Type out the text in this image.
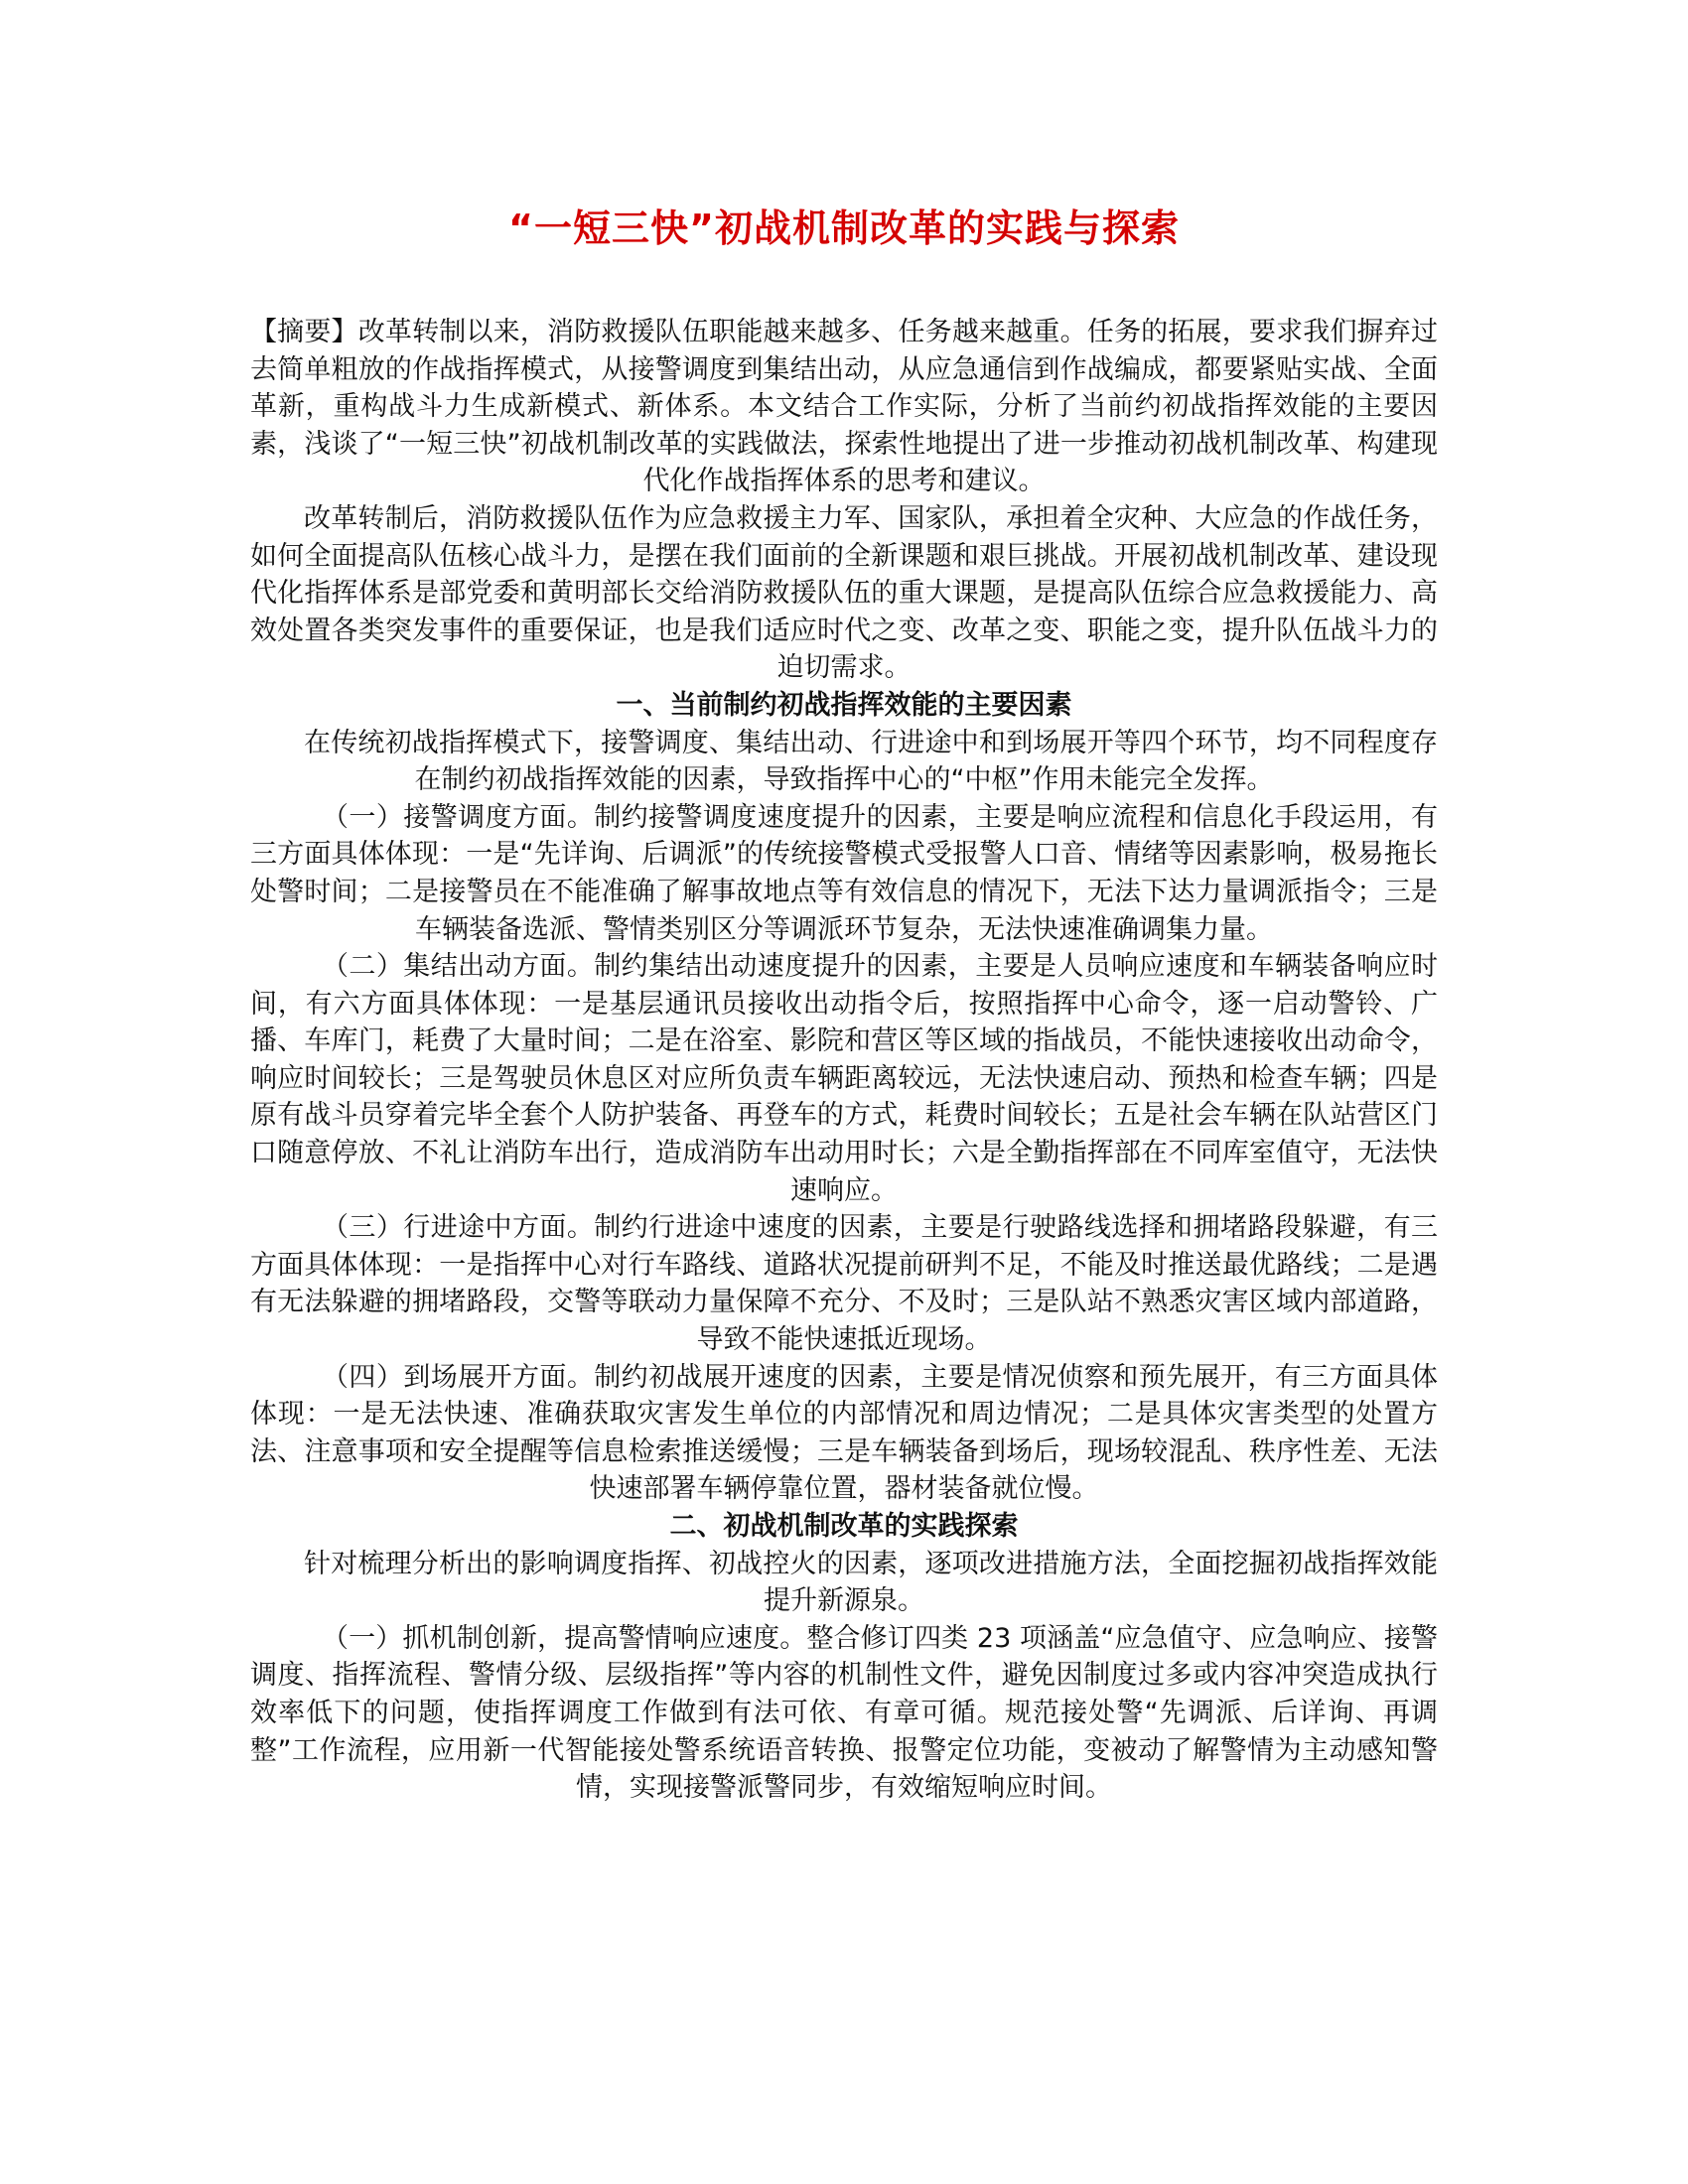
“一短三快”初战机制改革的实践与探索

【摘要】改革转制以来，消防救援队伍职能越来越多、任务越来越重。任务的拓展，要求我们摒弃过去简单粗放的作战指挥模式，从接警调度到集结出动，从应急通信到作战编成，都要紧贴实战、全面革新，重构战斗力生成新模式、新体系。本文结合工作实际，分析了当前约初战指挥效能的主要因素，浅谈了“一短三快”初战机制改革的实践做法，探索性地提出了进一步推动初战机制改革、构建现代化作战指挥体系的思考和建议。

改革转制后，消防救援队伍作为应急救援主力军、国家队，承担着全灾种、大应急的作战任务，如何全面提高队伍核心战斗力，是摆在我们面前的全新课题和艰巨挑战。开展初战机制改革、建设现代化指挥体系是部党委和黄明部长交给消防救援队伍的重大课题，是提高队伍综合应急救援能力、高效处置各类突发事件的重要保证，也是我们适应时代之变、改革之变、职能之变，提升队伍战斗力的迫切需求。

一、当前制约初战指挥效能的主要因素

在传统初战指挥模式下，接警调度、集结出动、行进途中和到场展开等四个环节，均不同程度存在制约初战指挥效能的因素，导致指挥中心的“中枢”作用未能完全发挥。

（一）接警调度方面。制约接警调度速度提升的因素，主要是响应流程和信息化手段运用，有三方面具体体现：一是“先详询、后调派”的传统接警模式受报警人口音、情绪等因素影响，极易拖长处警时间；二是接警员在不能准确了解事故地点等有效信息的情况下，无法下达力量调派指令；三是车辆装备选派、警情类别区分等调派环节复杂，无法快速准确调集力量。

（二）集结出动方面。制约集结出动速度提升的因素，主要是人员响应速度和车辆装备响应时间，有六方面具体体现：一是基层通讯员接收出动指令后，按照指挥中心命令，逐一启动警铃、广播、车库门，耗费了大量时间；二是在浴室、影院和营区等区域的指战员，不能快速接收出动命令，响应时间较长；三是驾驶员休息区对应所负责车辆距离较远，无法快速启动、预热和检查车辆；四是原有战斗员穿着完毕全套个人防护装备、再登车的方式，耗费时间较长；五是社会车辆在队站营区门口随意停放、不礼让消防车出行，造成消防车出动用时长；六是全勤指挥部在不同库室值守，无法快速响应。

（三）行进途中方面。制约行进途中速度的因素，主要是行驶路线选择和拥堵路段躲避，有三方面具体体现：一是指挥中心对行车路线、道路状况提前研判不足，不能及时推送最优路线；二是遇有无法躲避的拥堵路段，交警等联动力量保障不充分、不及时；三是队站不熟悉灾害区域内部道路，导致不能快速抵近现场。

（四）到场展开方面。制约初战展开速度的因素，主要是情况侦察和预先展开，有三方面具体体现：一是无法快速、准确获取灾害发生单位的内部情况和周边情况；二是具体灾害类型的处置方法、注意事项和安全提醒等信息检索推送缓慢；三是车辆装备到场后，现场较混乱、秩序性差、无法快速部署车辆停靠位置，器材装备就位慢。

二、初战机制改革的实践探索

针对梳理分析出的影响调度指挥、初战控火的因素，逐项改进措施方法，全面挖掘初战指挥效能提升新源泉。

（一）抓机制创新，提高警情响应速度。整合修订四类 23 项涵盖“应急值守、应急响应、接警调度、指挥流程、警情分级、层级指挥”等内容的机制性文件，避免因制度过多或内容冲突造成执行效率低下的问题，使指挥调度工作做到有法可依、有章可循。规范接处警“先调派、后详询、再调整”工作流程，应用新一代智能接处警系统语音转换、报警定位功能，变被动了解警情为主动感知警情，实现接警派警同步，有效缩短响应时间。
